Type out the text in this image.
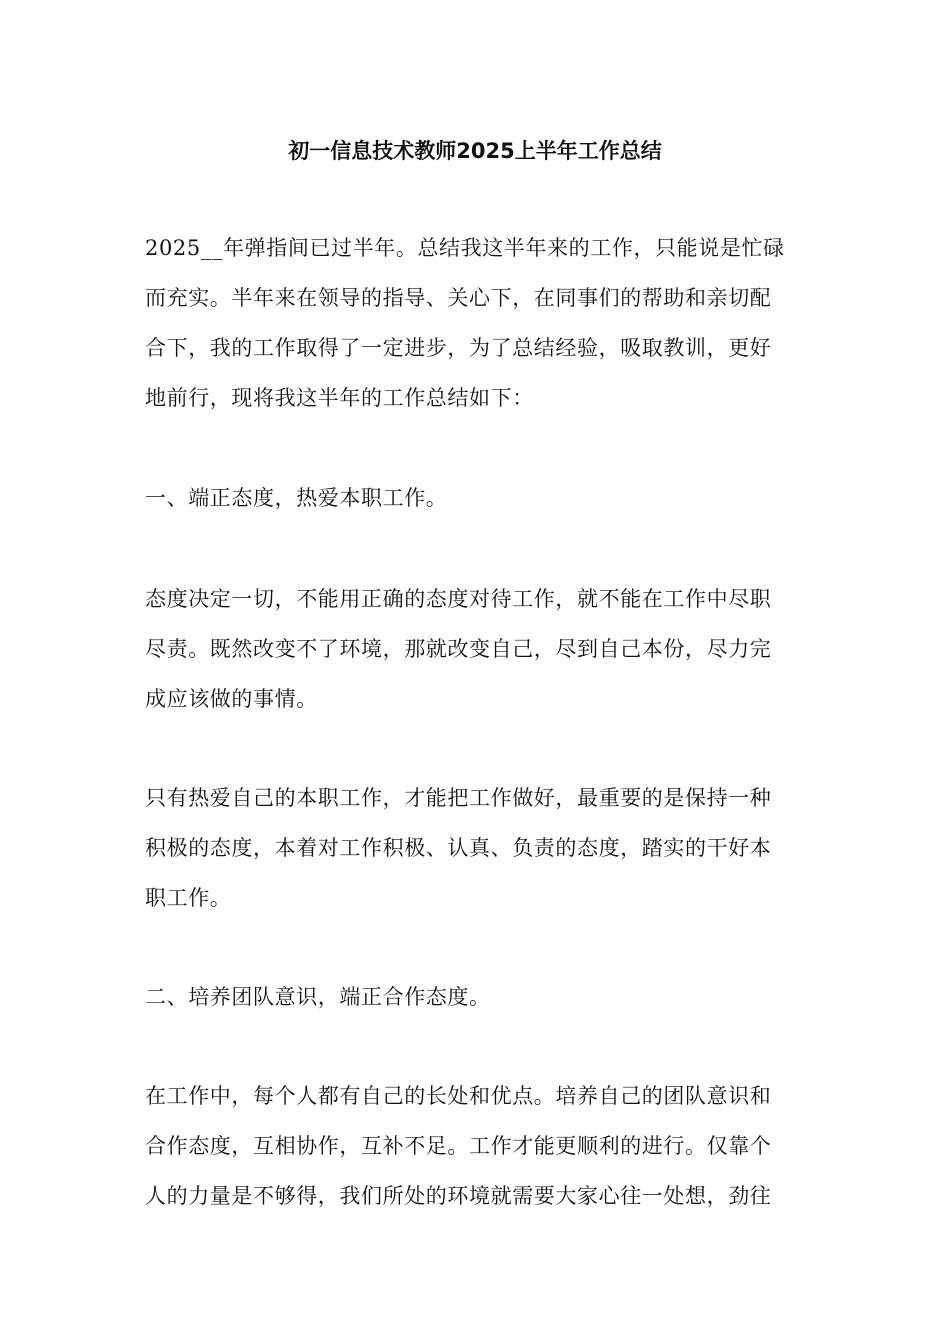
初一信息技术教师2025上半年工作总结

2025__年弹指间已过半年。总结我这半年来的工作，只能说是忙碌
而充实。半年来在领导的指导、关心下，在同事们的帮助和亲切配
合下，我的工作取得了一定进步，为了总结经验，吸取教训，更好
地前行，现将我这半年的工作总结如下：

一、端正态度，热爱本职工作。

态度决定一切，不能用正确的态度对待工作，就不能在工作中尽职
尽责。既然改变不了环境，那就改变自己，尽到自己本份，尽力完
成应该做的事情。

只有热爱自己的本职工作，才能把工作做好，最重要的是保持一种
积极的态度，本着对工作积极、认真、负责的态度，踏实的干好本
职工作。

二、培养团队意识，端正合作态度。

在工作中，每个人都有自己的长处和优点。培养自己的团队意识和
合作态度，互相协作，互补不足。工作才能更顺利的进行。仅靠个
人的力量是不够得，我们所处的环境就需要大家心往一处想，劲往
